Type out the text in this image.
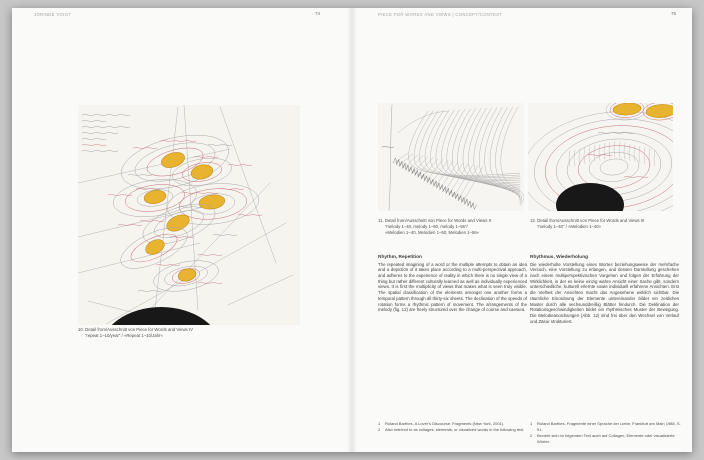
JORINDE VOIGT	74	PIECE FOR WORDS AND VIEWS | CONCEPT/CONTEXT	75
10. Detail from/Ausschnitt von Piece for Words and Views IV
“repeat 1–10/year” / »Repeat 1–10/Jahr«
11. Detail from/Ausschnitt von Piece for Words and Views II
“melody 1–40, melody 1–50, melody 1–56”/
»Melodien 1–40, Melodien 1–50, Melodien 1–56«
12. Detail from/Ausschnitt von Piece for Words and Views III
“melody 1–40” / »Melodien 1–40«
Rhythm, Repetition

The repeated imagining of a word or the multiple attempts to obtain an idea and a depiction of it takes place according to a multi-perspectival approach, and adheres to the experience of reality in which there is no single view of a thing but rather different culturally learned as well as individually experienced views. It is first the multiplicity of views that makes what is seen truly visible. The spatial classification of the elements amongst one another forms a temporal pattern through all thirty-six sheets. The declination of the speeds of rotation forms a rhythmic pattern of movement. The arrangements of the melody (fig. 12) are freely structured over the change of course and caesura.

Rhythmus, Wiederholung

Die wiederholte Vorstellung eines Wortes beziehungsweise der mehrfache Versuch, eine Vorstellung zu erlangen, und dessen Darstellung geschehen nach einem multiperspektivischen Vorgehen und folgen der Erfahrung der Wirklichkeit, in der es keine einzig wahre Ansicht einer Sache gibt, sondern unterschiedliche, kulturell erlernte sowie individuell erfahrene Ansichten. Erst die Vielheit der Ansichten macht das Angesehene wirklich sichtbar. Die räumliche Einordnung der Elemente untereinander bildet ein zeitliches Muster durch alle sechsunddreißig Blätter hindurch. Die Deklination der Rotationsgeschwindigkeiten bildet ein rhythmisches Muster der Bewegung. Die Melodieanordnungen (Abb. 12) sind frei über den Wechsel von Verlauf und Zäsur strukturiert.

1	Roland Barthes, A Lover’s Discourse: Fragments (New York, 2001).
2	Also referred to as collages, elements, or visualized words in the following text.
1	Roland Barthes, Fragmente einer Sprache der Liebe, Frankfurt am Main 1988, S. 91.
2	Bezieht sich im folgenden Text auch auf Collagen, Elemente oder visualisierte Wörter.
